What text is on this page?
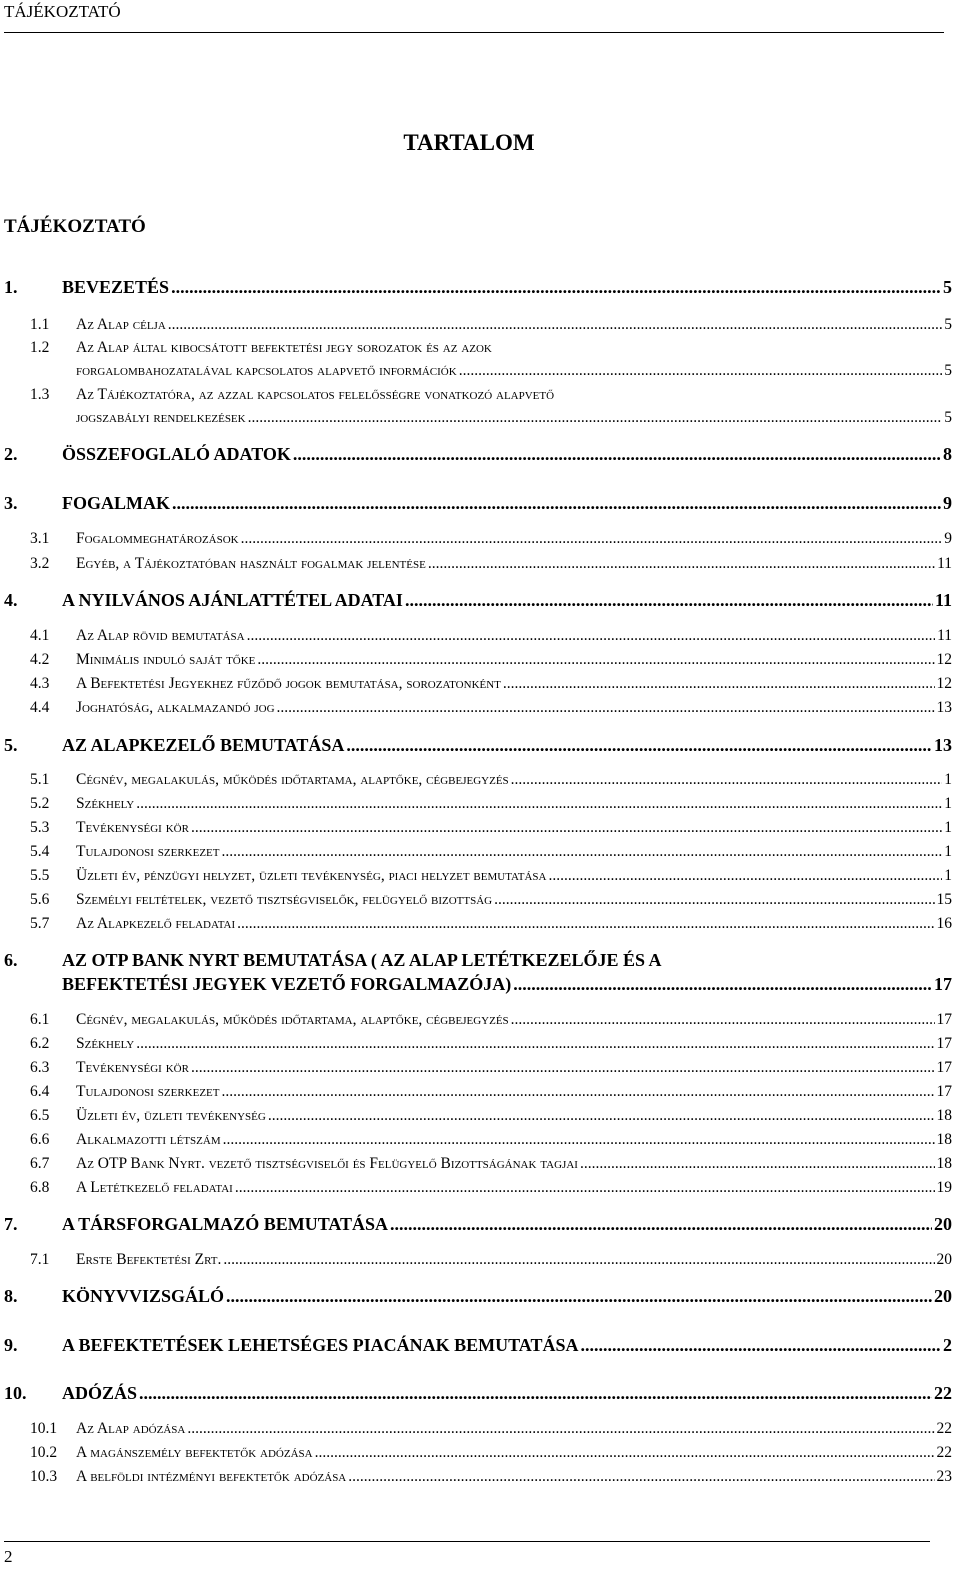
TÁJÉKOZTATÓ
TARTALOM
TÁJÉKOZTATÓ
1. BEVEZETÉS .....	5
1.1 Az Alap célja .....	5
1.2 Az Alap által kibocsátott befektetési jegy sorozatok és az azok
forgalombahozatalával kapcsolatos alapvető információk .....	5
1.3 Az Tájékoztatóra, az azzal kapcsolatos felelősségre vonatkozó alapvető
jogszabályi rendelkezések .....	5
2. ÖSSZEFOGLALÓ ADATOK .....	8
3. FOGALMAK .....	9
3.1 Fogalommeghatározások .....	9
3.2 Egyéb, a Tájékoztatóban használt fogalmak jelentése .....	11
4. A NYILVÁNOS AJÁNLATTÉTEL ADATAI .....	11
4.1 Az Alap rövid bemutatása .....	11
4.2 Minimális induló saját tőke .....	12
4.3 A Befektetési Jegyekhez fűződő jogok bemutatása, sorozatonként .....	12
4.4 Joghatóság, alkalmazandó jog .....	13
5. AZ ALAPKEZELŐ BEMUTATÁSA .....	13
5.1 Cégnév, megalakulás, működés időtartama, alaptőke, cégbejegyzés .....	1
5.2 Székhely .....	1
5.3 Tevékenységi kör .....	1
5.4 Tulajdonosi szerkezet .....	1
5.5 Üzleti év, pénzügyi helyzet, üzleti tevékenység, piaci helyzet bemutatása .....	1
5.6 Személyi feltételek, vezető tisztségviselők, felügyelő bizottság .....	15
5.7 Az Alapkezelő feladatai .....	16
6. AZ OTP BANK NYRT BEMUTATÁSA ( AZ ALAP LETÉTKEZELŐJE ÉS A
BEFEKTETÉSI JEGYEK VEZETŐ FORGALMAZÓJA) .....	17
6.1 Cégnév, megalakulás, működés időtartama, alaptőke, cégbejegyzés .....	17
6.2 Székhely .....	17
6.3 Tevékenységi kör .....	17
6.4 Tulajdonosi szerkezet .....	17
6.5 Üzleti év, üzleti tevékenység .....	18
6.6 Alkalmazotti létszám .....	18
6.7 Az OTP Bank Nyrt. vezető tisztségviselői és Felügyelő Bizottságának tagjai .....	18
6.8 A Letétkezelő feladatai .....	19
7. A TÁRSFORGALMAZÓ BEMUTATÁSA .....	20
7.1 Erste Befektetési Zrt. .....	20
8. KÖNYVVIZSGÁLÓ .....	20
9. A BEFEKTETÉSEK LEHETSÉGES PIACÁNAK BEMUTATÁSA .....	2
10. ADÓZÁS .....	22
10.1 Az Alap adózása .....	22
10.2 A magánszemély befektetők adózása .....	22
10.3 A belföldi intézményi befektetők adózása .....	23
2
